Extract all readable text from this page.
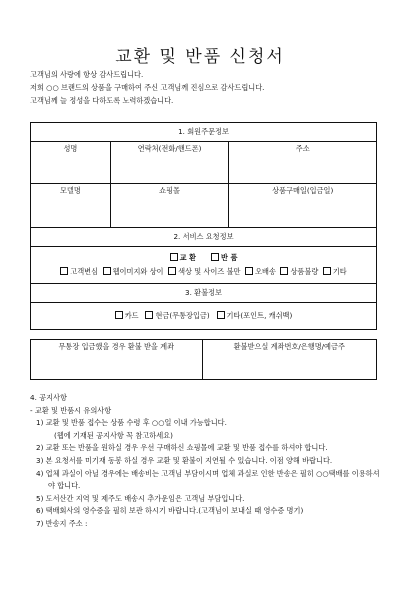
교환 및 반품 신청서
고객님의 사랑에 항상 감사드립니다.
저희 ○○ 브랜드의 상품을 구매하여 주신 고객님께 진심으로 감사드립니다.
고객님께 늘 정성을 다하도록 노력하겠습니다.
1. 회원주문정보		
성명	연락처(전화/핸드폰)	주소
모델명	쇼핑몰	상품구매일(입금일)
2. 서비스 요청정보		

교 환 반 품
고객변심 웹이미지와 상이 색상 및 사이즈 불만 오배송 상품불량 기타		

3. 환불정보		
카드 현금(무통장입금) 기타(포인트, 캐쉬백)		
무통장 입금했을 경우 환불 받을 계좌	환불받으실 계좌번호/은행명/예금주
4. 공지사항
- 교환 및 반품시 유의사항
1) 교환 및 반품 접수는 상품 수령 후 ○○일 이내 가능합니다.
(웹에 기재된 공지사항 꼭 참고하세요)
2) 교환 또는 반품을 원하실 경우 우선 구매하신 쇼핑몰에 교환 및 반품 접수를 하셔야 합니다.
3) 본 요청서를 미기재 동봉 하실 경우 교환 및 환불이 지연될 수 있습니다. 이점 양해 바랍니다.
4) 업체 과실이 아닐 경우에는 배송비는 고객님 부담이시며 업체 과실로 인한 반송은 필히 ○○택배를 이용하셔야 합니다.
5) 도서산간 지역 및 제주도 배송시 추가운임은 고객님 부담입니다.
6) 택배회사의 영수증을 필히 보관 하시기 바랍니다.(고객님이 보내실 때 영수증 명기)
7) 반송지 주소 :
